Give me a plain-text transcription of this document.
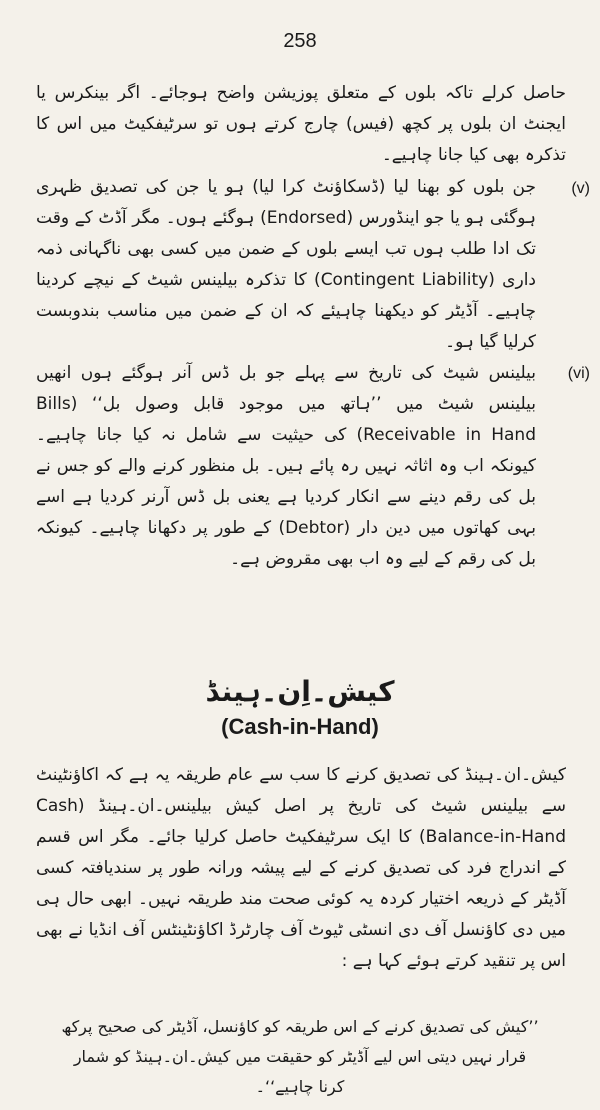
258
حاصل کرلے تاکہ بلوں کے متعلق پوزیشن واضح ہوجائے۔ اگر بینکرس یا ایجنٹ ان بلوں پر کچھ (فیس) چارج کرتے ہوں تو سرٹیفکیٹ میں اس کا تذکرہ بھی کیا جانا چاہیے۔
(v)
جن بلوں کو بھنا لیا (ڈسکاؤنٹ کرا لیا) ہو یا جن کی تصدیق ظہری ہوگئی ہو یا جو اینڈورس (Endorsed) ہوگئے ہوں۔ مگر آڈٹ کے وقت تک ادا طلب ہوں تب ایسے بلوں کے ضمن میں کسی بھی ناگہانی ذمہ داری (Contingent Liability) کا تذکرہ بیلینس شیٹ کے نیچے کردینا چاہیے۔ آڈیٹر کو دیکھنا چاہیئے کہ ان کے ضمن میں مناسب بندوبست کرلیا گیا ہو۔
(vi)
بیلینس شیٹ کی تاریخ سے پہلے جو بل ڈس آنر ہوگئے ہوں انھیں بیلینس شیٹ میں ’’ہاتھ میں موجود قابل وصول بل‘‘ (Bills Receivable in Hand) کی حیثیت سے شامل نہ کیا جانا چاہیے۔ کیونکہ اب وہ اثاثہ نہیں رہ پائے ہیں۔ بل منظور کرنے والے کو جس نے بل کی رقم دینے سے انکار کردیا ہے یعنی بل ڈس آرنر کردیا ہے اسے بہی کھاتوں میں دین دار (Debtor) کے طور پر دکھانا چاہیے۔ کیونکہ بل کی رقم کے لیے وہ اب بھی مقروض ہے۔
کیش۔اِن۔ہینڈ
(Cash-in-Hand)
کیش۔ان۔ہینڈ کی تصدیق کرنے کا سب سے عام طریقہ یہ ہے کہ اکاؤنٹینٹ سے بیلینس شیٹ کی تاریخ پر اصل کیش بیلینس۔ان۔ہینڈ (Cash Balance-in-Hand) کا ایک سرٹیفکیٹ حاصل کرلیا جائے۔ مگر اس قسم کے اندراج فرد کی تصدیق کرنے کے لیے پیشہ ورانہ طور پر سندیافتہ کسی آڈیٹر کے ذریعہ اختیار کردہ یہ کوئی صحت مند طریقہ نہیں۔ ابھی حال ہی میں دی کاؤنسل آف دی انسٹی ٹیوٹ آف چارٹرڈ اکاؤنٹینٹس آف انڈیا نے بھی اس پر تنقید کرتے ہوئے کہا ہے :
’’کیش کی تصدیق کرنے کے اس طریقہ کو کاؤنسل، آڈیٹر کی صحیح پرکھ قرار نہیں دیتی اس لیے آڈیٹر کو حقیقت میں کیش۔ان۔ہینڈ کو شمار کرنا چاہیے‘‘۔
